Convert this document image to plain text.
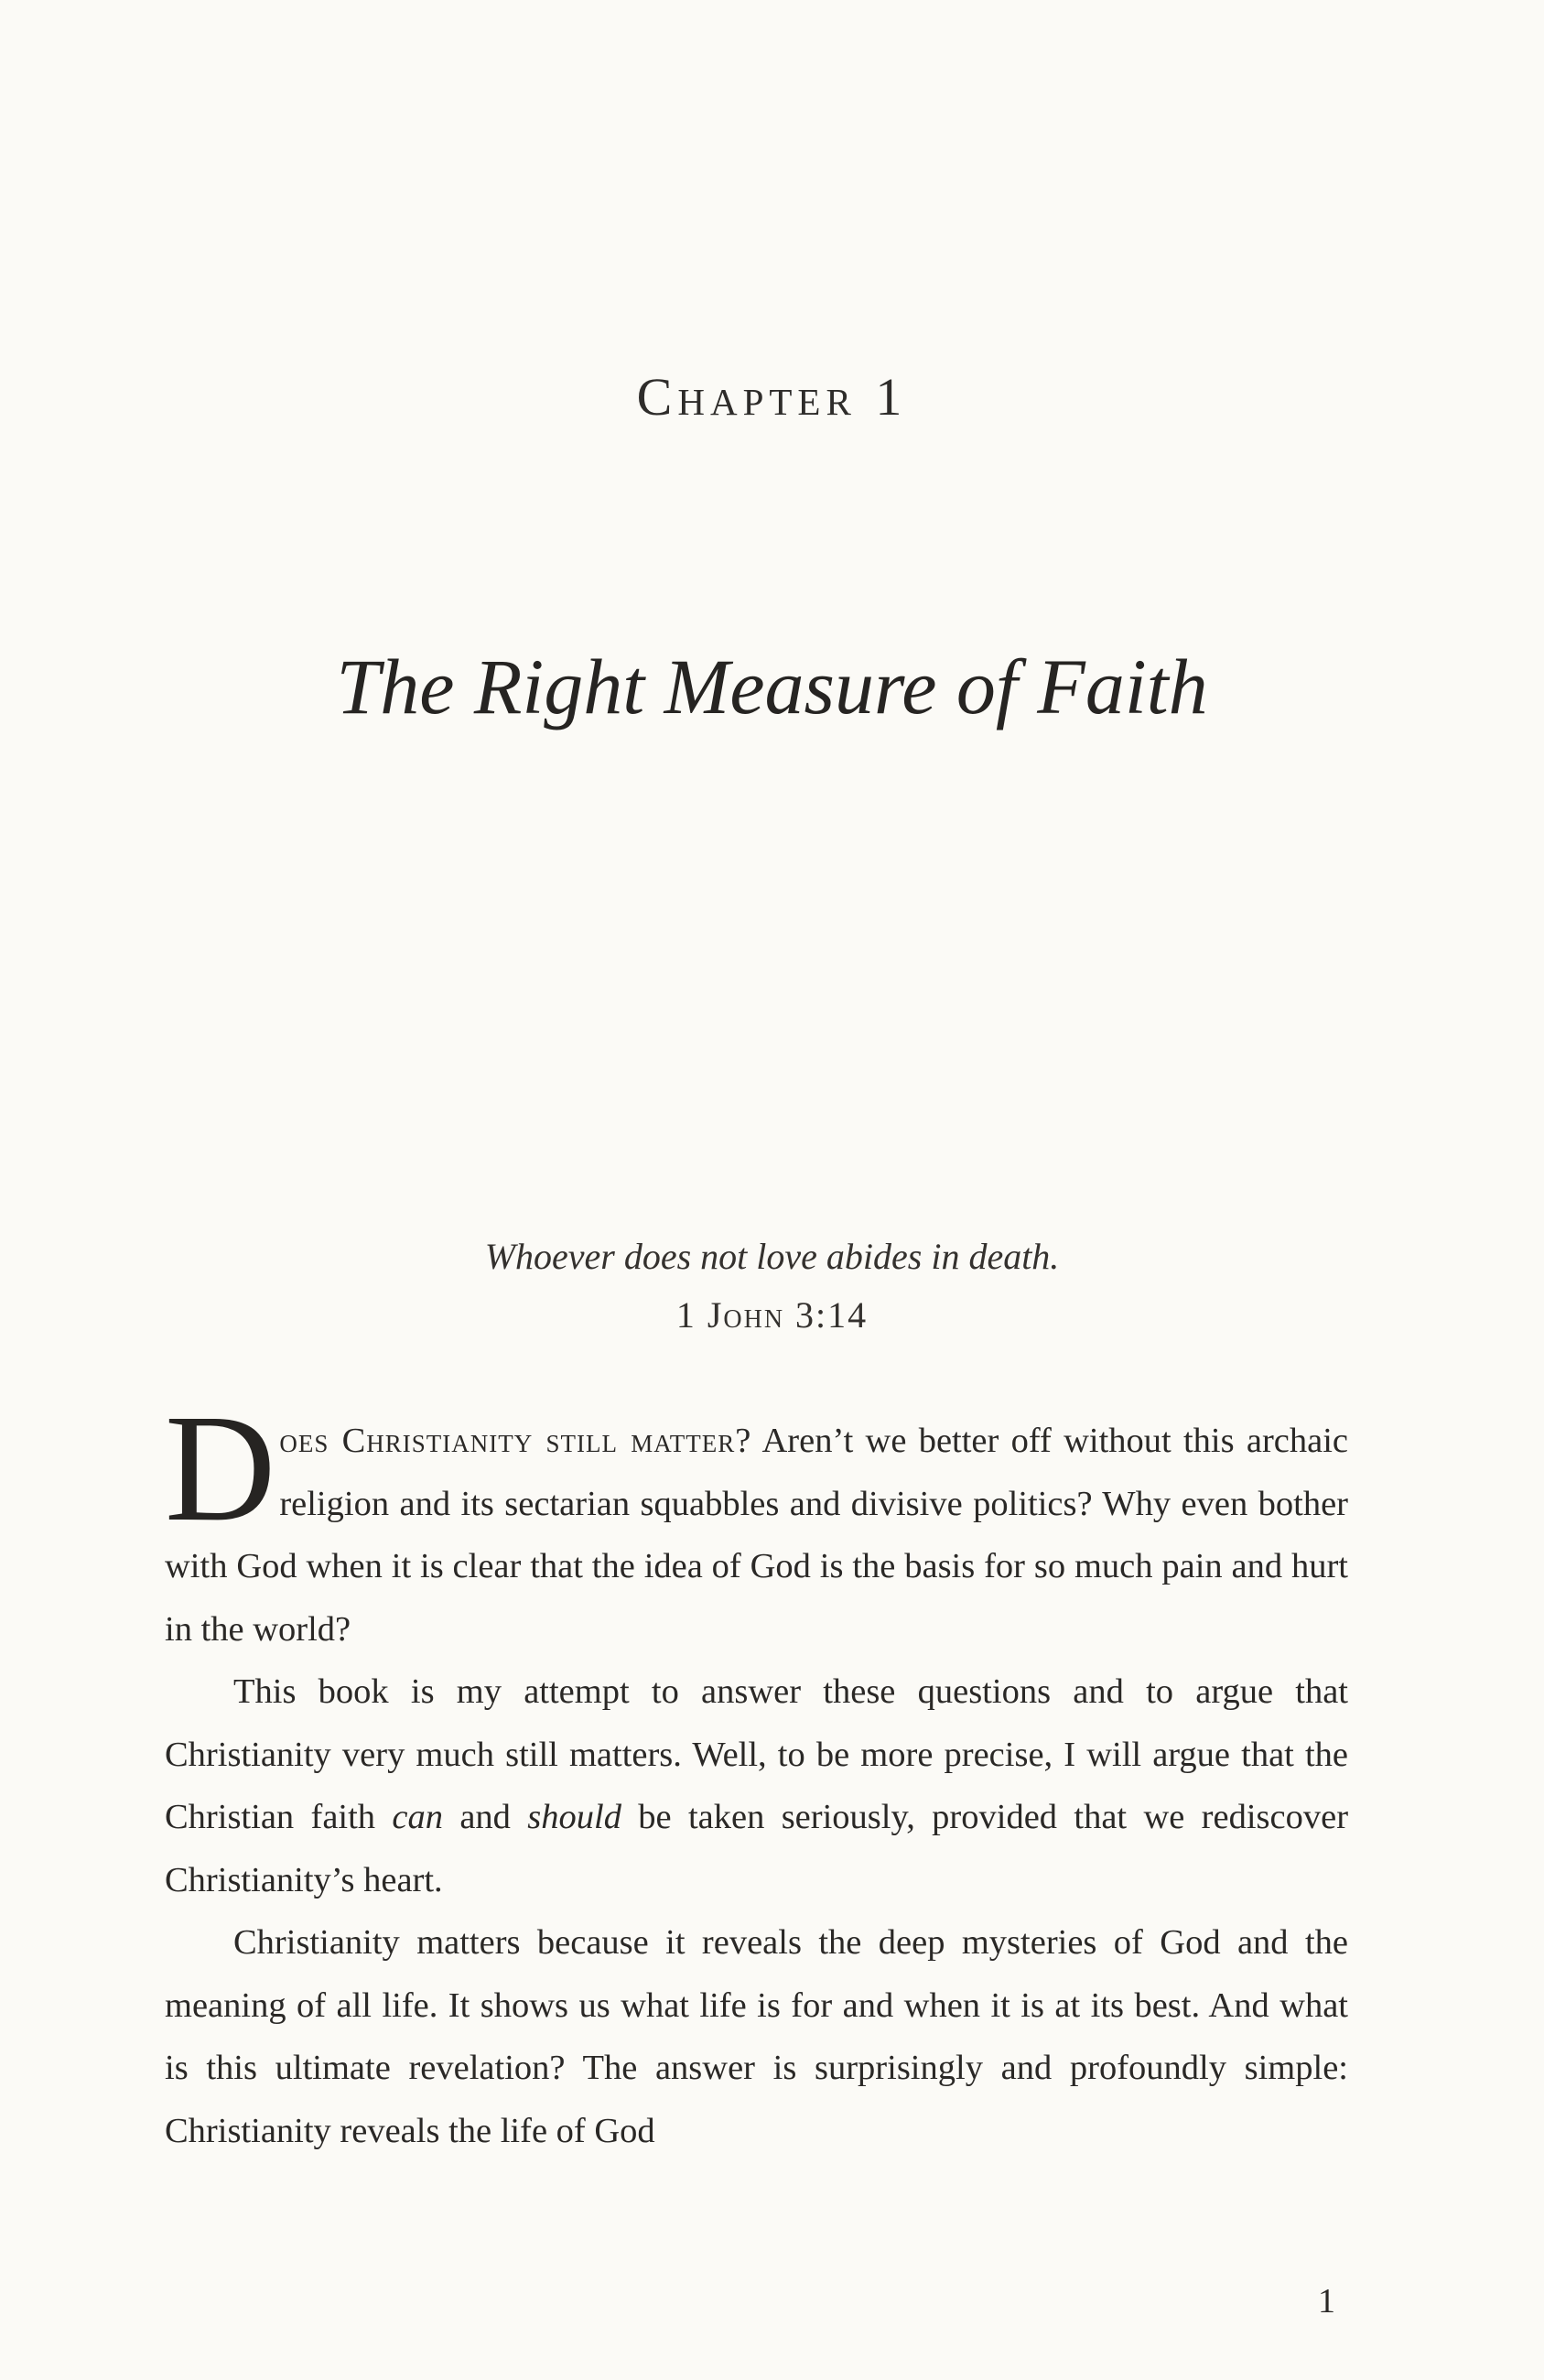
Chapter 1
The Right Measure of Faith
Whoever does not love abides in death.
1 John 3:14

Does Christianity still matter? Aren’t we better off without this archaic religion and its sectarian squabbles and divisive politics? Why even bother with God when it is clear that the idea of God is the basis for so much pain and hurt in the world?

This book is my attempt to answer these questions and to argue that Christianity very much still matters. Well, to be more precise, I will argue that the Christian faith can and should be taken seriously, provided that we rediscover Christianity’s heart.

Christianity matters because it reveals the deep mysteries of God and the meaning of all life. It shows us what life is for and when it is at its best. And what is this ultimate revelation? The answer is surprisingly and profoundly simple: Christianity reveals the life of God

1
